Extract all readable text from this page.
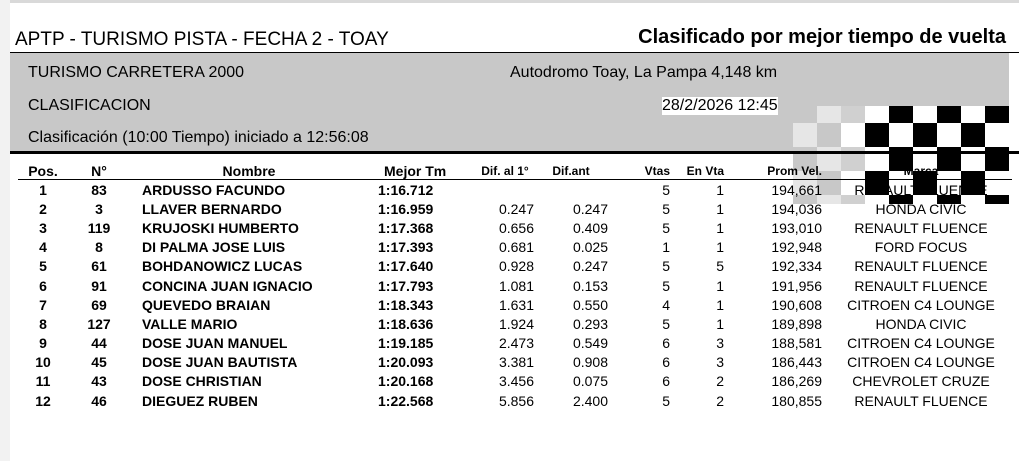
APTP - TURISMO PISTA - FECHA 2 - TOAY	Clasificado por mejor tiempo de vuelta
TURISMO CARRETERA 2000	Autodromo Toay, La Pampa 4,148 km
CLASIFICACION	28/2/2026 12:45
Clasificación (10:00 Tiempo) iniciado a 12:56:08
Pos.	N°	Nombre	Mejor Tm	Dif. al 1°	Dif.ant	Vtas	En Vta	Prom Vel.	Marca
1	83	ARDUSSO FACUNDO	1:16.712			5	1	194,661	RENAULT FLUENCE
2	3	LLAVER BERNARDO	1:16.959	0.247	0.247	5	1	194,036	HONDA CIVIC
3	119	KRUJOSKI HUMBERTO	1:17.368	0.656	0.409	5	1	193,010	RENAULT FLUENCE
4	8	DI PALMA JOSE LUIS	1:17.393	0.681	0.025	1	1	192,948	FORD FOCUS
5	61	BOHDANOWICZ LUCAS	1:17.640	0.928	0.247	5	5	192,334	RENAULT FLUENCE
6	91	CONCINA JUAN IGNACIO	1:17.793	1.081	0.153	5	1	191,956	RENAULT FLUENCE
7	69	QUEVEDO BRAIAN	1:18.343	1.631	0.550	4	1	190,608	CITROEN C4 LOUNGE
8	127	VALLE MARIO	1:18.636	1.924	0.293	5	1	189,898	HONDA CIVIC
9	44	DOSE JUAN MANUEL	1:19.185	2.473	0.549	6	3	188,581	CITROEN C4 LOUNGE
10	45	DOSE JUAN BAUTISTA	1:20.093	3.381	0.908	6	3	186,443	CITROEN C4 LOUNGE
11	43	DOSE CHRISTIAN	1:20.168	3.456	0.075	6	2	186,269	CHEVROLET CRUZE
12	46	DIEGUEZ RUBEN	1:22.568	5.856	2.400	5	2	180,855	RENAULT FLUENCE
